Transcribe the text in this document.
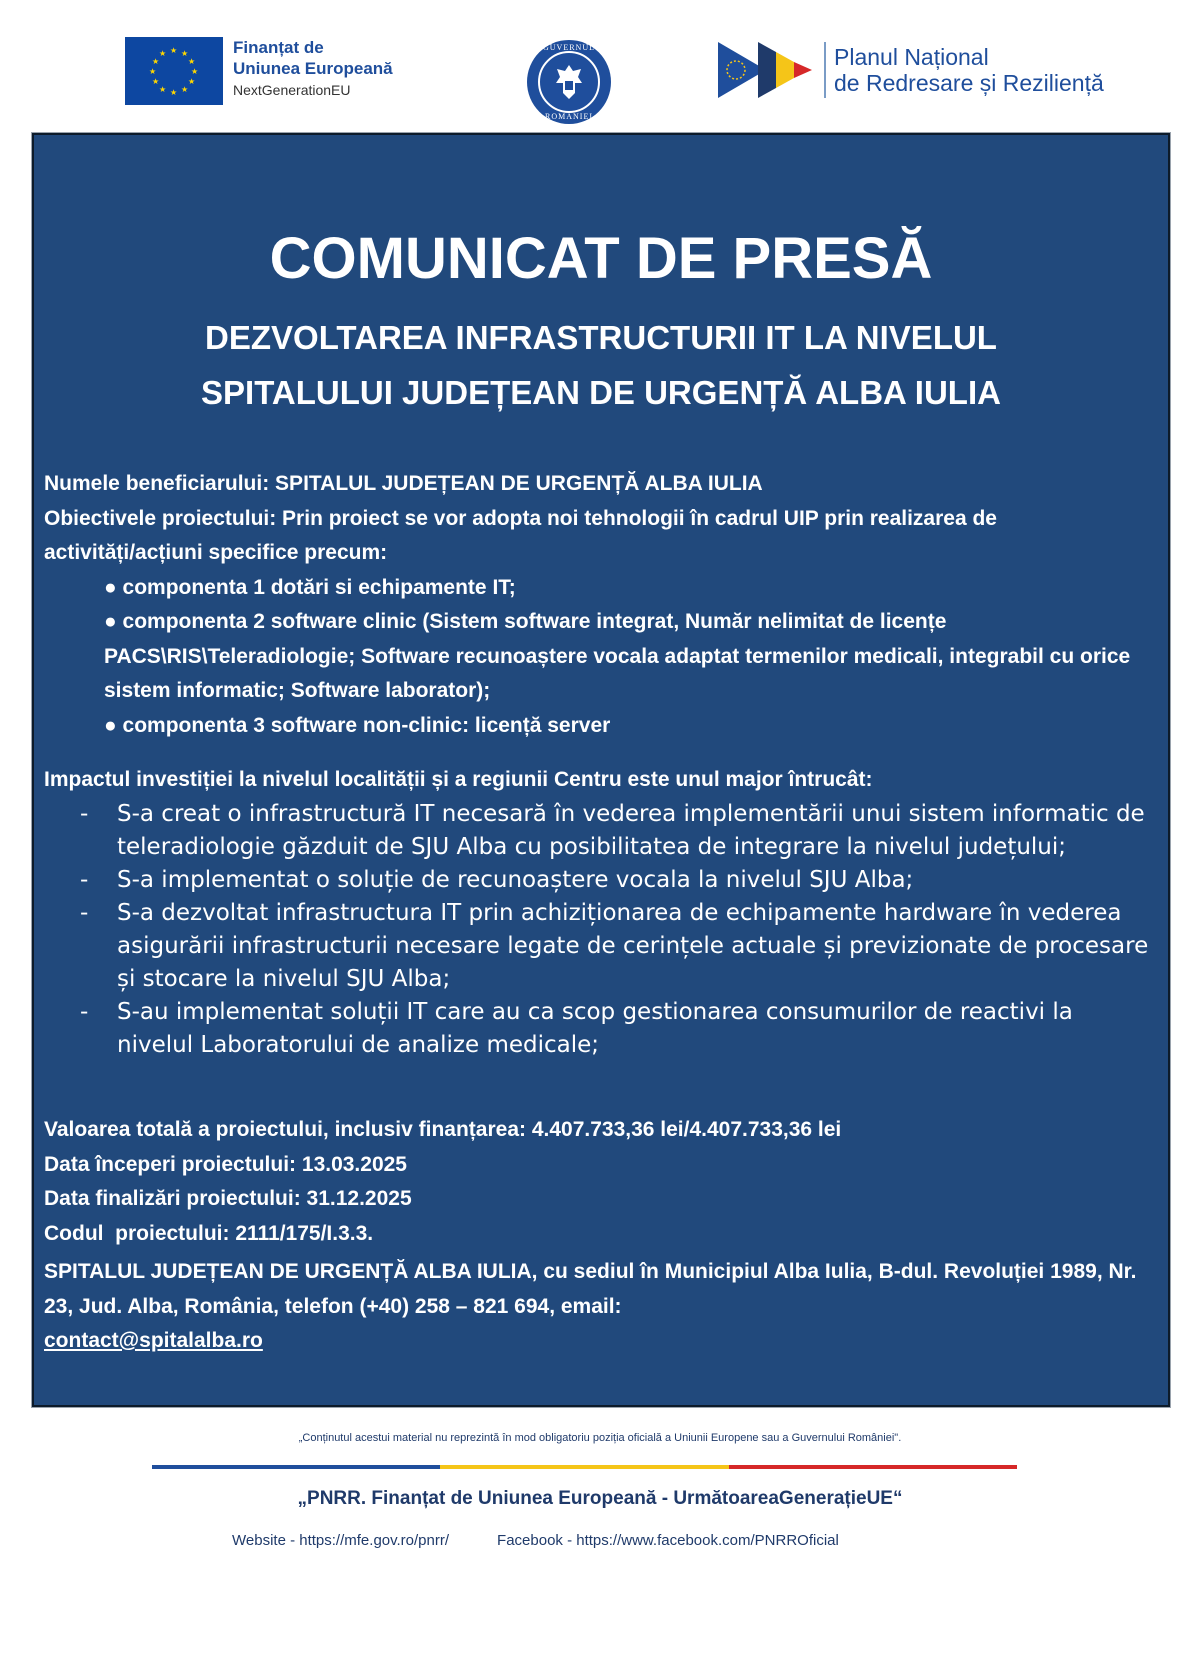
★ ★
★
★
★
★
★
★
★
★
★
★	Finanțat de
Uniunea Europeană
NextGenerationEU
GUVERNUL
ROMÂNIEI
Planul Național
de Redresare și Reziliență
COMUNICAT DE PRESĂ
DEZVOLTAREA INFRASTRUCTURII IT LA NIVELUL
SPITALULUI JUDEȚEAN DE URGENȚĂ ALBA IULIA
Numele beneficiarului: SPITALUL JUDEȚEAN DE URGENȚĂ ALBA IULIA
Obiectivele proiectului: Prin proiect se vor adopta noi tehnologii în cadrul UIP prin realizarea de activități/acțiuni specifice precum:
● componenta 1 dotări si echipamente IT;
● componenta 2 software clinic (Sistem software integrat, Număr nelimitat de licențe PACS\RIS\Teleradiologie; Software recunoaștere vocala adaptat termenilor medicali, integrabil cu orice sistem informatic; Software laborator);
● componenta 3 software non-clinic: licență server
Impactul investiției la nivelul localității și a regiunii Centru este unul major întrucât:
- S-a creat o infrastructură IT necesară în vederea implementării unui sistem informatic de teleradiologie găzduit de SJU Alba cu posibilitatea de integrare la nivelul județului;
- S-a implementat o soluție de recunoaștere vocala la nivelul SJU Alba;
- S-a dezvoltat infrastructura IT prin achiziționarea de echipamente hardware în vederea asigurării infrastructurii necesare legate de cerințele actuale și previzionate de procesare și stocare la nivelul SJU Alba;
- S-au implementat soluții IT care au ca scop gestionarea consumurilor de reactivi la nivelul Laboratorului de analize medicale;
Valoarea totală a proiectului, inclusiv finanțarea: 4.407.733,36 lei/4.407.733,36 lei
Data începeri proiectului: 13.03.2025
Data finalizări proiectului: 31.12.2025
Codul  proiectului: 2111/175/I.3.3.
SPITALUL JUDEȚEAN DE URGENȚĂ ALBA IULIA, cu sediul în Municipiul Alba Iulia, B-dul. Revoluției 1989, Nr. 23, Jud. Alba, România, telefon (+40) 258 – 821 694, email:
contact@spitalalba.ro
„Conținutul acestui material nu reprezintă în mod obligatoriu poziția oficială a Uniunii Europene sau a Guvernului României".
„PNRR. Finanțat de Uniunea Europeană - UrmătoareaGenerațieUE“
Website - https://mfe.gov.ro/pnrr/	Facebook - https://www.facebook.com/PNRROficial
